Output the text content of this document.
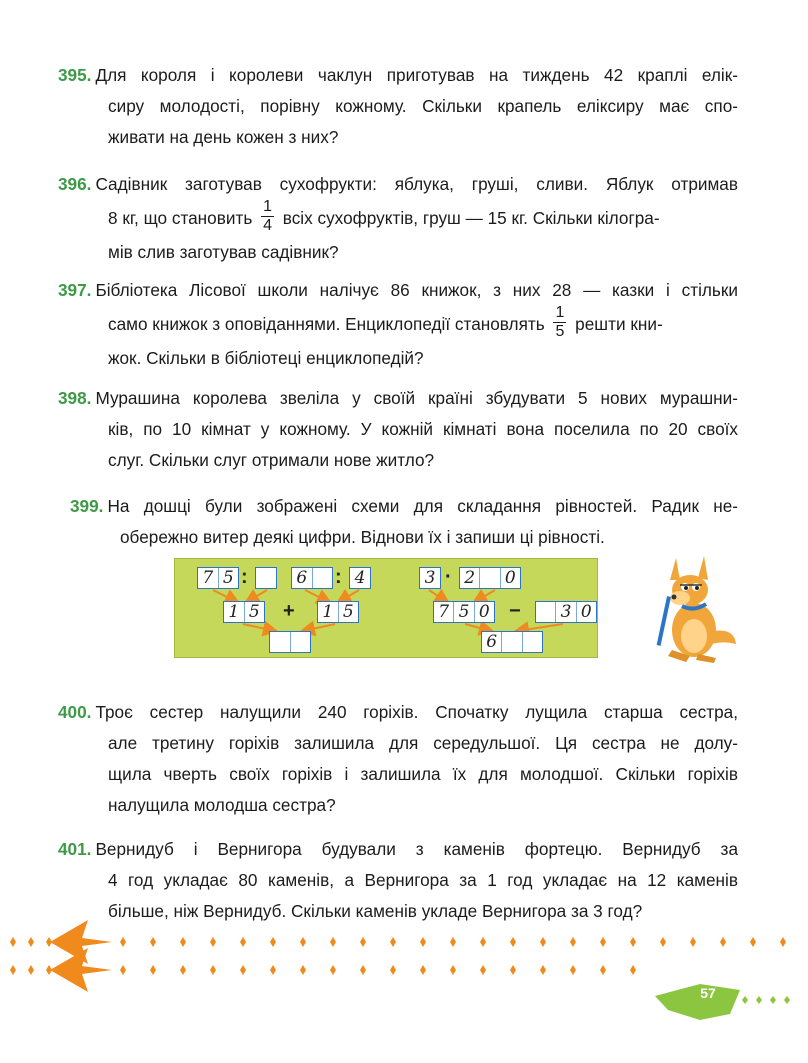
395. Для короля і королеви чаклун приготував на тиждень 42 краплі елік-
сиру молодості, порівну кожному. Скільки крапель еліксиру має спо-
живати на день кожен з них?
396. Садівник заготував сухофрукти: яблука, груші, сливи. Яблук отримав
8 кг, що становить $\frac{1}{4}$ всіх сухофруктів, груш — 15 кг. Скільки кілогра-
мів слив заготував садівник?
397. Бібліотека Лісової школи налічує 86 книжок, з них 28 — казки і стільки
само книжок з оповіданнями. Енциклопедії становлять $\frac{1}{5}$ решти кни-
жок. Скільки в бібліотеці енциклопедій?
398. Мурашина королева звеліла у своїй країні збудувати 5 нових мурашни-
ків, по 10 кімнат у кожному. У кожній кімнаті вона поселила по 20 своїх
слуг. Скільки слуг отримали нове житло?
399. На дошці були зображені схеми для складання рівностей. Радик не-
обережно витер деякі цифри. Віднови їх і запиши ці рівності.
7 5 :	6 : 4
1 5 + 1 5
3 · 2	0
7 5 0 − 3 0
6
400. Троє сестер налущили 240 горіхів. Спочатку лущила старша сестра,
але третину горіхів залишила для середульшої. Ця сестра не долу-
щила чверть своїх горіхів і залишила їх для молодшої. Скільки горіхів
налущила молодша сестра?
401. Вернидуб і Вернигора будували з каменів фортецю. Вернидуб за
4 год укладає 80 каменів, а Вернигора за 1 год укладає на 12 каменів
більше, ніж Вернидуб. Скільки каменів укладе Вернигора за 3 год?
57
